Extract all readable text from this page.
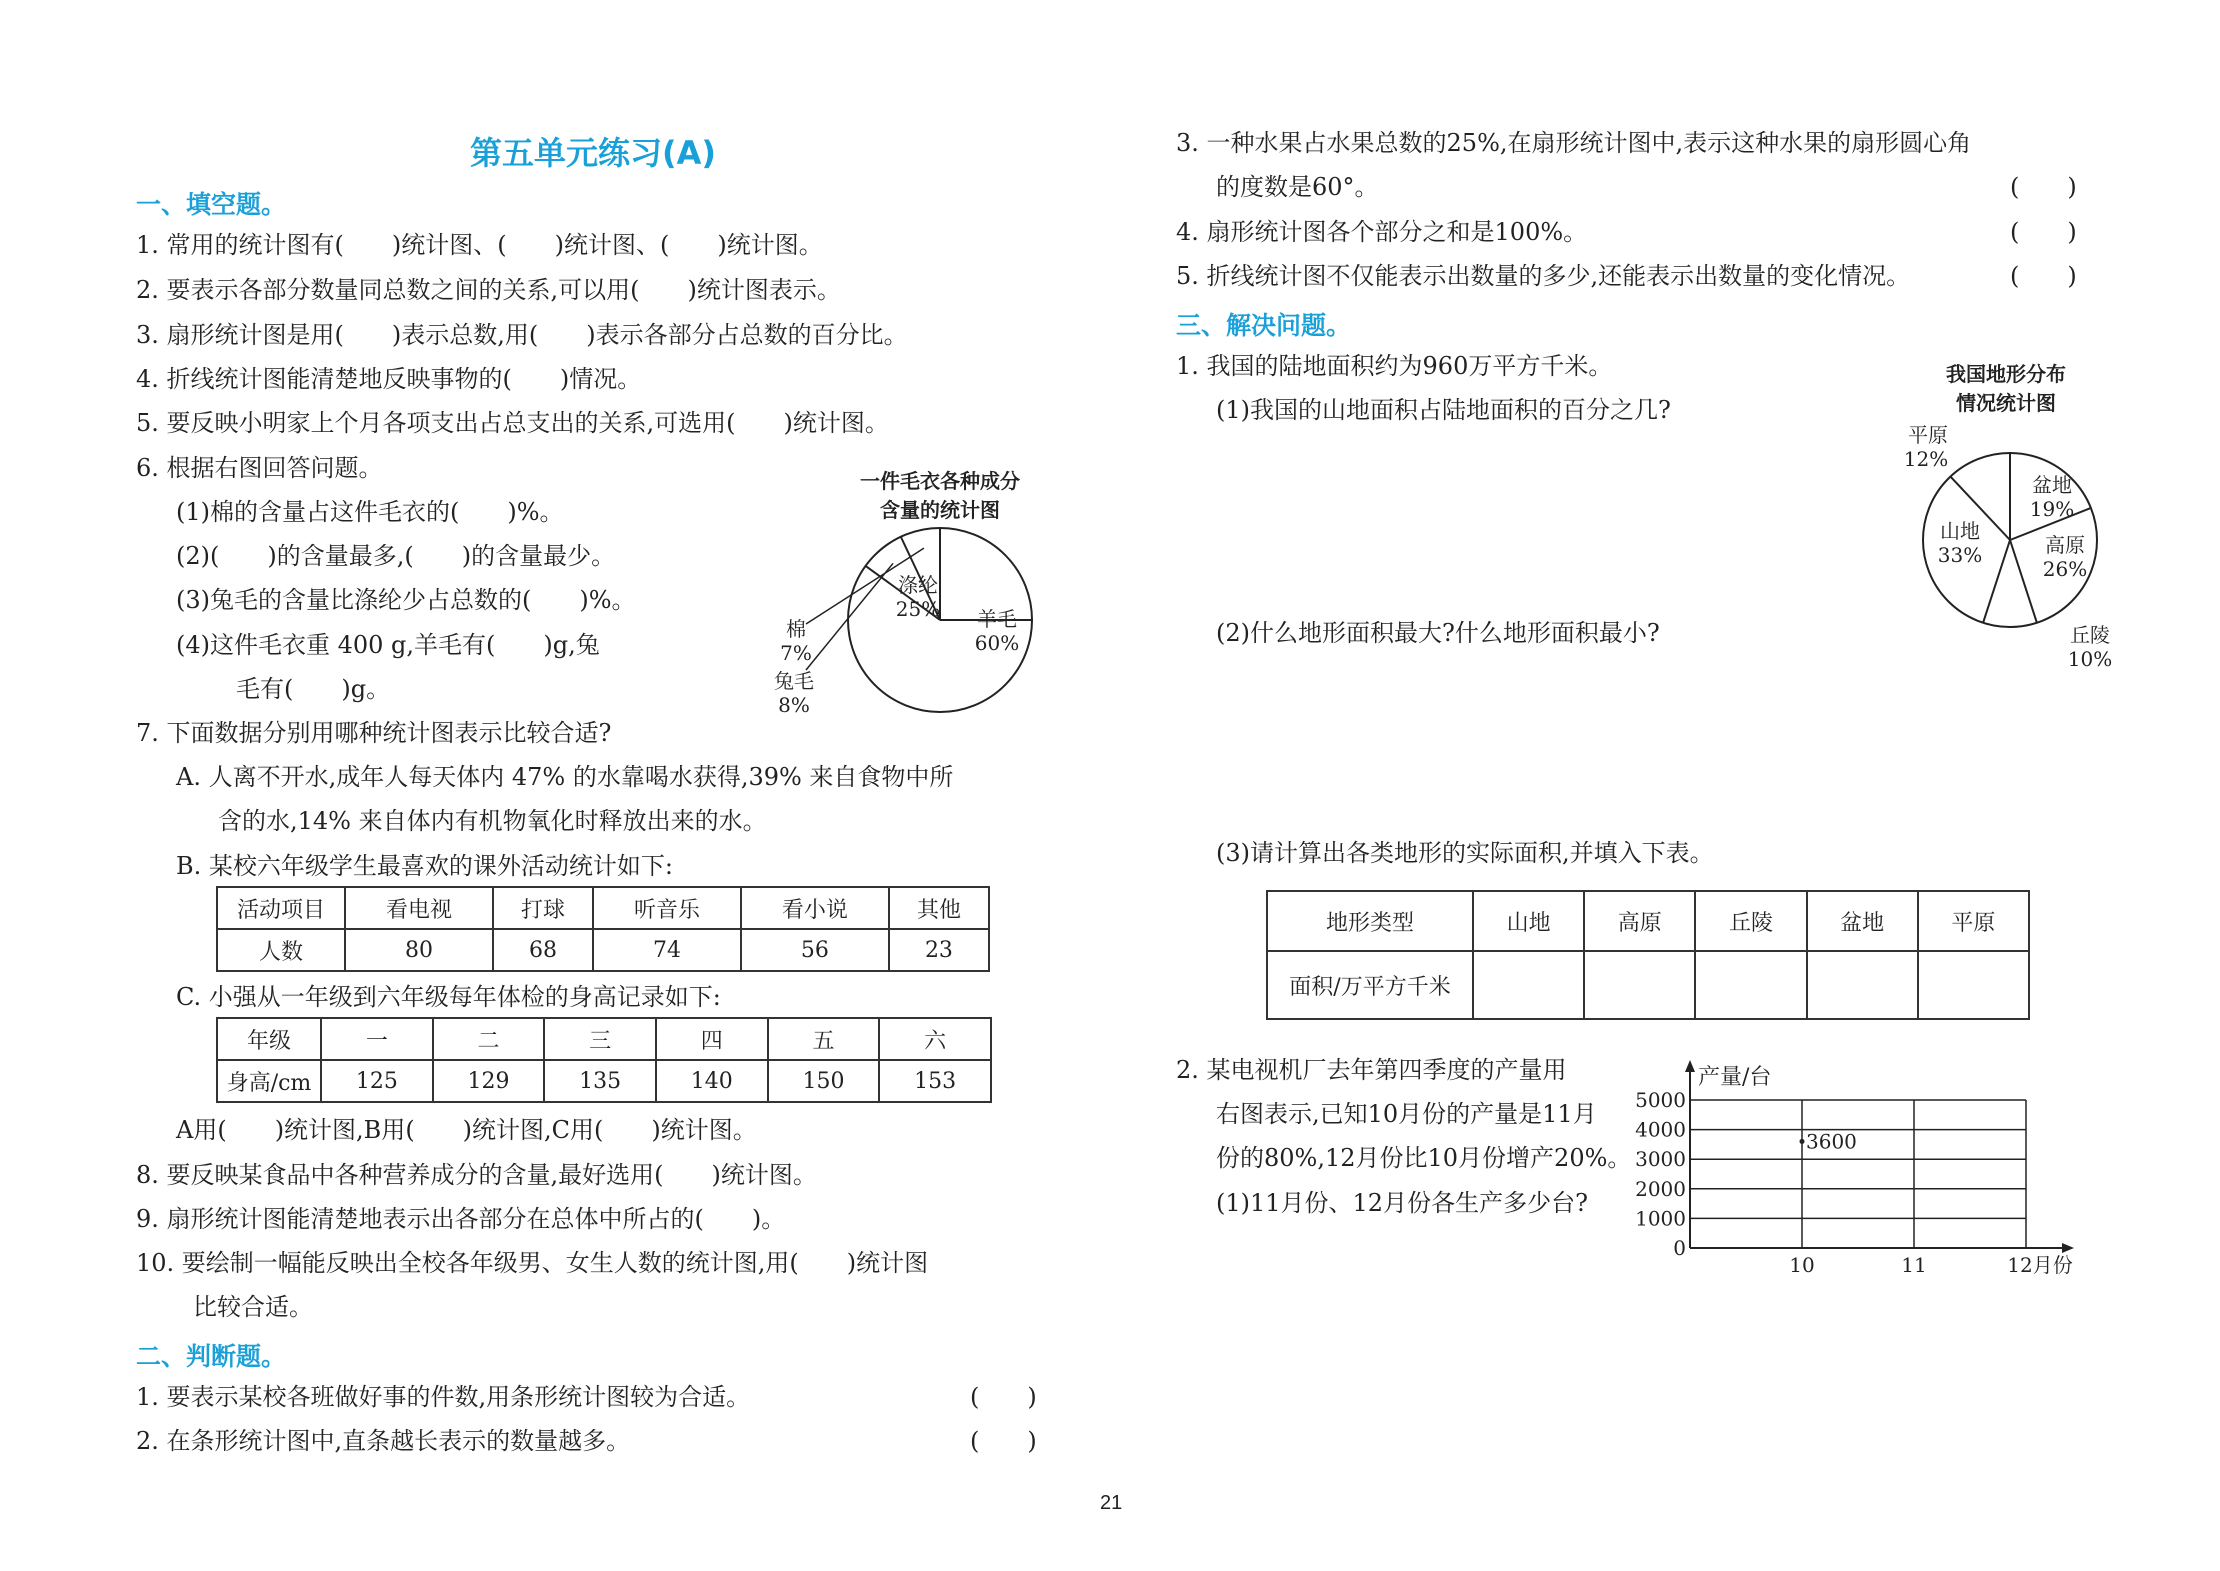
第五单元练习(A)
一、填空题。
1. 常用的统计图有(　　)统计图、(　　)统计图、(　　)统计图。
2. 要表示各部分数量同总数之间的关系,可以用(　　)统计图表示。
3. 扇形统计图是用(　　)表示总数,用(　　)表示各部分占总数的百分比。
4. 折线统计图能清楚地反映事物的(　　)情况。
5. 要反映小明家上个月各项支出占总支出的关系,可选用(　　)统计图。
6. 根据右图回答问题。
(1)棉的含量占这件毛衣的(　　)%。
(2)(　　)的含量最多,(　　)的含量最少。
(3)兔毛的含量比涤纶少占总数的(　　)%。
(4)这件毛衣重 400 g,羊毛有(　　)g,兔
毛有(　　)g。
一件毛衣各种成分
含量的统计图
羊毛
60%
兔毛
8%
棉
7%
涤纶
25%
7. 下面数据分别用哪种统计图表示比较合适?
A. 人离不开水,成年人每天体内 47% 的水靠喝水获得,39% 来自食物中所
含的水,14% 来自体内有机物氧化时释放出来的水。
B. 某校六年级学生最喜欢的课外活动统计如下:
活动项目	看电视	打球	听音乐	看小说	其他
人数	80	68	74	56	23
C. 小强从一年级到六年级每年体检的身高记录如下:
年级	一	二	三	四	五	六
身高/cm	125	129	135	140	150	153
A用(　　)统计图,B用(　　)统计图,C用(　　)统计图。
8. 要反映某食品中各种营养成分的含量,最好选用(　　)统计图。
9. 扇形统计图能清楚地表示出各部分在总体中所占的(　　)。
10. 要绘制一幅能反映出全校各年级男、女生人数的统计图,用(　　)统计图
比较合适。
二、判断题。
1. 要表示某校各班做好事的件数,用条形统计图较为合适。	(　　)
2. 在条形统计图中,直条越长表示的数量越多。	(　　)
3. 一种水果占水果总数的25%,在扇形统计图中,表示这种水果的扇形圆心角
的度数是60°。	(　　)
4. 扇形统计图各个部分之和是100%。	(　　)
5. 折线统计图不仅能表示出数量的多少,还能表示出数量的变化情况。	(　　)
三、解决问题。
1. 我国的陆地面积约为960万平方千米。
(1)我国的山地面积占陆地面积的百分之几?
我国地形分布
情况统计图
盆地
19%
高原
26%
丘陵
10%
山地
33%
平原
12%
(2)什么地形面积最大?什么地形面积最小?
(3)请计算出各类地形的实际面积,并填入下表。
地形类型	山地	高原	丘陵	盆地	平原
面积/万平方千米					
2. 某电视机厂去年第四季度的产量用
右图表示,已知10月份的产量是11月
份的80%,12月份比10月份增产20%。
(1)11月份、12月份各生产多少台?
产量/台
0
1000
2000
3000
4000
5000
10	11	12月份
3600
21
